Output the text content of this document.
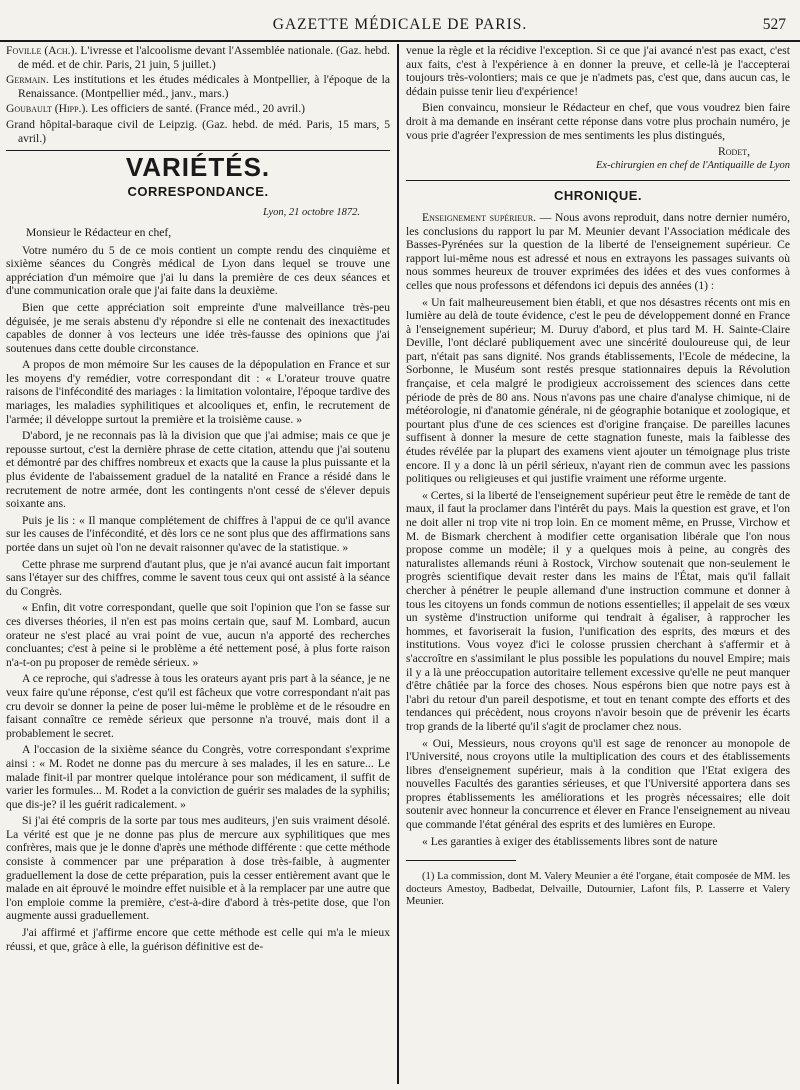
GAZETTE MÉDICALE DE PARIS.	527

Foville (Ach.). L'ivresse et l'alcoolisme devant l'Assemblée nationale. (Gaz. hebd. de méd. et de chir. Paris, 21 juin, 5 juillet.)

Germain. Les institutions et les études médicales à Montpellier, à l'époque de la Renaissance. (Montpellier méd., janv., mars.)

Goubault (Hipp.). Les officiers de santé. (France méd., 20 avril.)

Grand hôpital-baraque civil de Leipzig. (Gaz. hebd. de méd. Paris, 15 mars, 5 avril.)

VARIÉTÉS.
CORRESPONDANCE.
Lyon, 21 octobre 1872.

Monsieur le Rédacteur en chef,

Votre numéro du 5 de ce mois contient un compte rendu des cinquième et sixième séances du Congrès médical de Lyon dans lequel se trouve une appréciation d'un mémoire que j'ai lu dans la première de ces deux séances et d'une communication orale que j'ai faite dans la deuxième.

Bien que cette appréciation soit empreinte d'une malveillance très-peu déguisée, je me serais abstenu d'y répondre si elle ne contenait des inexactitudes capables de donner à vos lecteurs une idée très-fausse des opinions que j'ai soutenues dans cette double circonstance.

A propos de mon mémoire Sur les causes de la dépopulation en France et sur les moyens d'y remédier, votre correspondant dit : « L'orateur trouve quatre raisons de l'infécondité des mariages : la limitation volontaire, l'époque tardive des mariages, les maladies syphilitiques et alcooliques et, enfin, le recrutement de l'armée; il développe surtout la première et la troisième cause. »

D'abord, je ne reconnais pas là la division que que j'ai admise; mais ce que je repousse surtout, c'est la dernière phrase de cette citation, attendu que j'ai soutenu et démontré par des chiffres nombreux et exacts que la cause la plus puissante et la plus évidente de l'abaissement graduel de la natalité en France a résidé dans le recrutement de notre armée, dont les contingents n'ont cessé de s'élever depuis soixante ans.

Puis je lis : « Il manque complétement de chiffres à l'appui de ce qu'il avance sur les causes de l'infécondité, et dès lors ce ne sont plus que des affirmations sans portée dans un sujet où l'on ne devait raisonner qu'avec de la statistique. »

Cette phrase me surprend d'autant plus, que je n'ai avancé aucun fait important sans l'étayer sur des chiffres, comme le savent tous ceux qui ont assisté à la séance du Congrès.

« Enfin, dit votre correspondant, quelle que soit l'opinion que l'on se fasse sur ces diverses théories, il n'en est pas moins certain que, sauf M. Lombard, aucun orateur ne s'est placé au vrai point de vue, aucun n'a apporté des recherches concluantes; c'est à peine si le problème a été nettement posé, à plus forte raison n'a-t-on pu proposer de remède sérieux. »

A ce reproche, qui s'adresse à tous les orateurs ayant pris part à la séance, je ne veux faire qu'une réponse, c'est qu'il est fâcheux que votre correspondant n'ait pas cru devoir se donner la peine de poser lui-même le problème et de le résoudre en faisant connaître ce remède sérieux que personne n'a trouvé, mais dont il a probablement le secret.

A l'occasion de la sixième séance du Congrès, votre correspondant s'exprime ainsi : « M. Rodet ne donne pas du mercure à ses malades, il les en sature... Le malade finit-il par montrer quelque intolérance pour son médicament, il suffit de varier les formules... M. Rodet a la conviction de guérir ses malades de la syphilis; que dis-je? il les guérit radicalement. »

Si j'ai été compris de la sorte par tous mes auditeurs, j'en suis vraiment désolé. La vérité est que je ne donne pas plus de mercure aux syphilitiques que mes confrères, mais que je le donne d'après une méthode différente : que cette méthode consiste à commencer par une préparation à dose très-faible, à augmenter graduellement la dose de cette préparation, puis la cesser entièrement avant que le malade en ait éprouvé le moindre effet nuisible et à la remplacer par une autre que l'on emploie comme la première, c'est-à-dire d'abord à très-petite dose, que l'on augmente aussi graduellement.

J'ai affirmé et j'affirme encore que cette méthode est celle qui m'a le mieux réussi, et que, grâce à elle, la guérison définitive est de-

venue la règle et la récidive l'exception. Si ce que j'ai avancé n'est pas exact, c'est aux faits, c'est à l'expérience à en donner la preuve, et celle-là je l'accepterai toujours très-volontiers; mais ce que je n'admets pas, c'est que, dans aucun cas, le dédain puisse tenir lieu d'expérience!

Bien convaincu, monsieur le Rédacteur en chef, que vous voudrez bien faire droit à ma demande en insérant cette réponse dans votre plus prochain numéro, je vous prie d'agréer l'expression de mes sentiments les plus distingués,

Rodet,

Ex-chirurgien en chef de l'Antiquaille de Lyon

CHRONIQUE.

Enseignement supérieur. — Nous avons reproduit, dans notre dernier numéro, les conclusions du rapport lu par M. Meunier devant l'Association médicale des Basses-Pyrénées sur la question de la liberté de l'enseignement supérieur. Ce rapport lui-même nous est adressé et nous en extrayons les passages suivants où nous sommes heureux de trouver exprimées des idées et des vues conformes à celles que nous professons et défendons ici depuis des années (1) :

« Un fait malheureusement bien établi, et que nos désastres récents ont mis en lumière au delà de toute évidence, c'est le peu de développement donné en France à l'enseignement supérieur; M. Duruy d'abord, et plus tard M. H. Sainte-Claire Deville, l'ont déclaré publiquement avec une sincérité douloureuse qui, de leur part, n'était pas sans dignité. Nos grands établissements, l'Ecole de médecine, la Sorbonne, le Muséum sont restés presque stationnaires depuis la Révolution française, et cela malgré le prodigieux accroissement des sciences dans cette période de près de 80 ans. Nous n'avons pas une chaire d'analyse chimique, ni de météorologie, ni d'anatomie générale, ni de géographie botanique et zoologique, et pourtant plus d'une de ces sciences est d'origine française. De pareilles lacunes suffisent à donner la mesure de cette stagnation funeste, mais la faiblesse des études révélée par la plupart des examens vient ajouter un témoignage plus triste encore. Il y a donc là un péril sérieux, n'ayant rien de commun avec les passions politiques ou religieuses et qui justifie vraiment une réforme urgente.

« Certes, si la liberté de l'enseignement supérieur peut être le remède de tant de maux, il faut la proclamer dans l'intérêt du pays. Mais la question est grave, et l'on ne doit aller ni trop vite ni trop loin. En ce moment même, en Prusse, Virchow et M. de Bismark cherchent à modifier cette organisation libérale que l'on nous propose comme un modèle; il y a quelques mois à peine, au congrès des naturalistes allemands réuni à Rostock, Virchow soutenait que non-seulement le progrès scientifique devait rester dans les mains de l'État, mais qu'il fallait chercher à pénétrer le peuple allemand d'une instruction commune et donner à tous les citoyens un fonds commun de notions essentielles; il appelait de ses vœux un système d'instruction uniforme qui tendrait à égaliser, à rapprocher les hommes, et favoriserait la fusion, l'unification des esprits, des mœurs et des institutions. Vous voyez d'ici le colosse prussien cherchant à s'affermir et à s'accroître en s'assimilant le plus possible les populations du nouvel Empire; mais il y a là une préoccupation autoritaire tellement excessive qu'elle ne peut manquer d'être châtiée par la force des choses. Nous espérons bien que notre pays est à l'abri du retour d'un pareil despotisme, et tout en tenant compte des efforts et des tendances qui précèdent, nous croyons n'avoir besoin que de prévenir les écarts trop grands de la liberté qu'il s'agit de proclamer chez nous.

« Oui, Messieurs, nous croyons qu'il est sage de renoncer au monopole de l'Université, nous croyons utile la multiplication des cours et des établissements libres d'enseignement supérieur, mais à la condition que l'Etat exigera des nouvelles Facultés des garanties sérieuses, et que l'Université apportera dans ses propres établissements les améliorations et les progrès nécessaires; elle doit soutenir avec honneur la concurrence et élever en France l'enseignement au niveau que commande l'état général des esprits et des lumières en Europe.

« Les garanties à exiger des établissements libres sont de nature

(1) La commission, dont M. Valery Meunier a été l'organe, était composée de MM. les docteurs Amestoy, Badbedat, Delvaille, Dutournier, Lafont fils, P. Lasserre et Valery Meunier.
